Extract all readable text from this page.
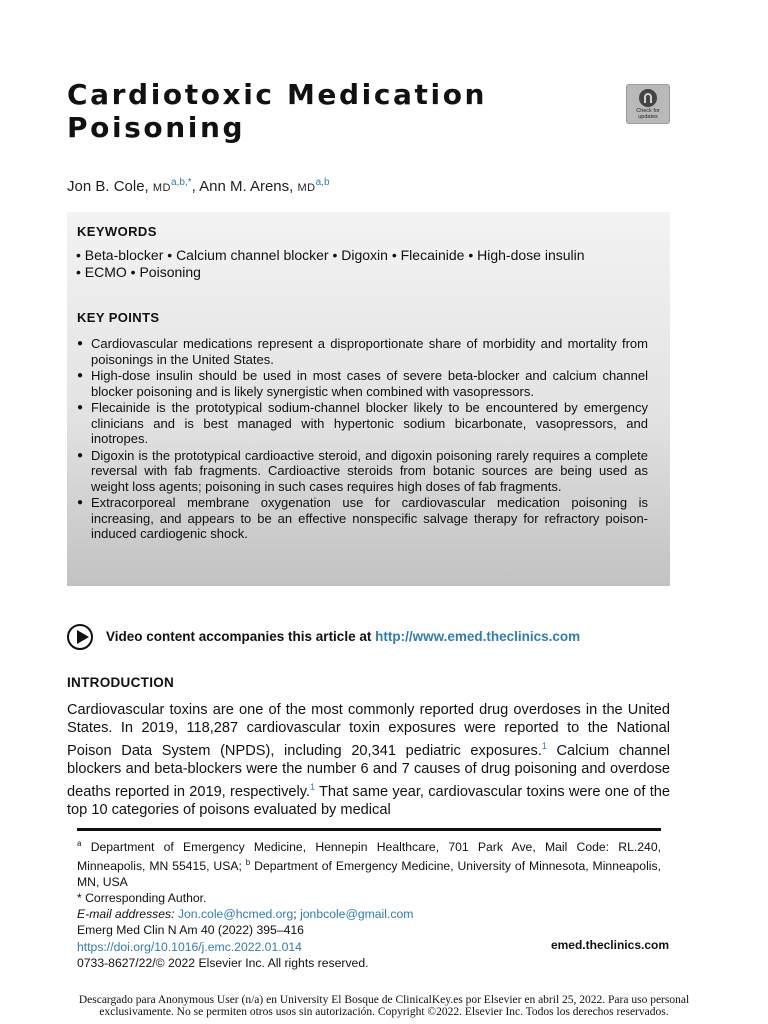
Cardiotoxic Medication
Poisoning	Check for
updates
Jon B. Cole, $MD^{a,b,*}$, Ann M. Arens, MD$^{a,b}$
KEYWORDS
• Beta-blocker • Calcium channel blocker • Digoxin • Flecainide • High-dose insulin
• ECMO • Poisoning
KEY POINTS
● Cardiovascular medications represent a disproportionate share of morbidity and mortality from poisonings in the United States.
● High-dose insulin should be used in most cases of severe beta-blocker and calcium channel blocker poisoning and is likely synergistic when combined with vasopressors.
● Flecainide is the prototypical sodium-channel blocker likely to be encountered by emergency clinicians and is best managed with hypertonic sodium bicarbonate, vasopressors, and inotropes.
● Digoxin is the prototypical cardioactive steroid, and digoxin poisoning rarely requires a complete reversal with fab fragments. Cardioactive steroids from botanic sources are being used as weight loss agents; poisoning in such cases requires high doses of fab fragments.
● Extracorporeal membrane oxygenation use for cardiovascular medication poisoning is increasing, and appears to be an effective nonspecific salvage therapy for refractory poison-induced cardiogenic shock.
Video content accompanies this article at http://www.emed.theclinics.com
INTRODUCTION

Cardiovascular toxins are one of the most commonly reported drug overdoses in the United States. In 2019, 118,287 cardiovascular toxin exposures were reported to the National Poison Data System (NPDS), including 20,341 pediatric exposures.$^1$ Calcium channel blockers and beta-blockers were the number 6 and 7 causes of drug poisoning and overdose deaths reported in 2019, respectively.$^1$ That same year, cardiovascular toxins were one of the top 10 categories of poisons evaluated by medical

$^a$ Department of Emergency Medicine, Hennepin Healthcare, 701 Park Ave, Mail Code: RL.240, Minneapolis, MN 55415, USA; $^b$ Department of Emergency Medicine, University of Minnesota, Minneapolis, MN, USA
* Corresponding Author.
E-mail addresses: Jon.cole@hcmed.org; jonbcole@gmail.com
Emerg Med Clin N Am 40 (2022) 395–416
https://doi.org/10.1016/j.emc.2022.01.014
0733-8627/22/© 2022 Elsevier Inc. All rights reserved.
emed.theclinics.com
Descargado para Anonymous User (n/a) en University El Bosque de ClinicalKey.es por Elsevier en abril 25, 2022. Para uso personal
exclusivamente. No se permiten otros usos sin autorización. Copyright ©2022. Elsevier Inc. Todos los derechos reservados.
